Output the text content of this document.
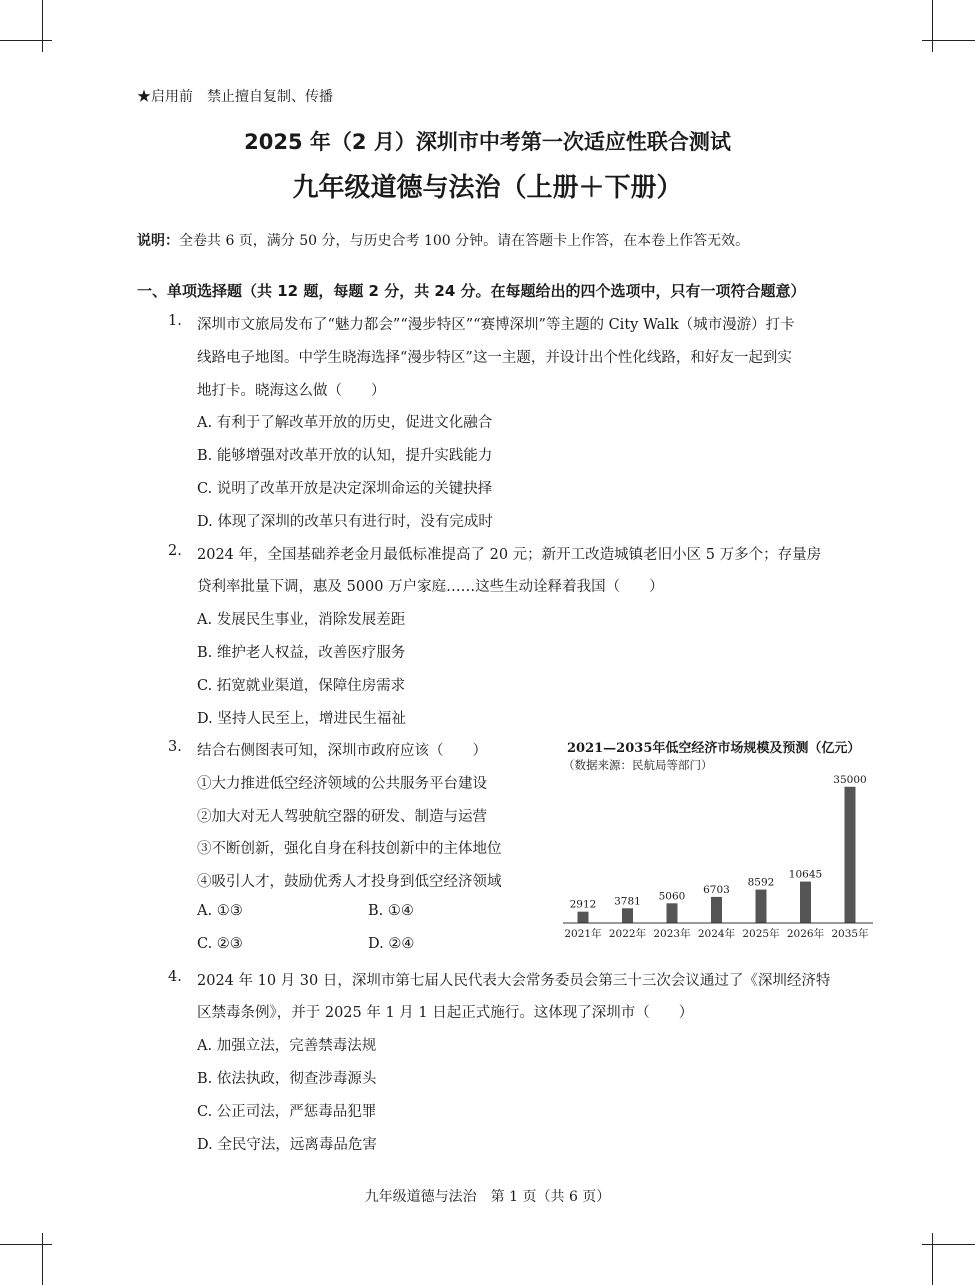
★启用前　禁止擅自复制、传播
2025 年（2 月）深圳市中考第一次适应性联合测试
九年级道德与法治（上册＋下册）
说明：全卷共 6 页，满分 50 分，与历史合考 100 分钟。请在答题卡上作答，在本卷上作答无效。
一、单项选择题（共 12 题，每题 2 分，共 24 分。在每题给出的四个选项中，只有一项符合题意）
1. 深圳市文旅局发布了“魅力都会”“漫步特区”“赛博深圳”等主题的 City Walk（城市漫游）打卡
线路电子地图。中学生晓海选择“漫步特区”这一主题，并设计出个性化线路，和好友一起到实
地打卡。晓海这么做（　　）
A. 有利于了解改革开放的历史，促进文化融合
B. 能够增强对改革开放的认知，提升实践能力
C. 说明了改革开放是决定深圳命运的关键抉择
D. 体现了深圳的改革只有进行时，没有完成时
2. 2024 年，全国基础养老金月最低标准提高了 20 元；新开工改造城镇老旧小区 5 万多个；存量房
贷利率批量下调，惠及 5000 万户家庭……这些生动诠释着我国（　　）
A. 发展民生事业，消除发展差距
B. 维护老人权益，改善医疗服务
C. 拓宽就业渠道，保障住房需求
D. 坚持人民至上，增进民生福祉
3. 结合右侧图表可知，深圳市政府应该（　　）
①大力推进低空经济领域的公共服务平台建设
②加大对无人驾驶航空器的研发、制造与运营
③不断创新，强化自身在科技创新中的主体地位
④吸引人才，鼓励优秀人才投身到低空经济领域
A. ①③	B. ①④
C. ②③	D. ②④
2021—2035年低空经济市场规模及预测（亿元）
（数据来源：民航局等部门）
2912
2021年
3781
2022年
5060
2023年
6703
2024年
8592
2025年
10645
2026年
35000
2035年
4. 2024 年 10 月 30 日，深圳市第七届人民代表大会常务委员会第三十三次会议通过了《深圳经济特
区禁毒条例》，并于 2025 年 1 月 1 日起正式施行。这体现了深圳市（　　）
A. 加强立法，完善禁毒法规
B. 依法执政，彻查涉毒源头
C. 公正司法，严惩毒品犯罪
D. 全民守法，远离毒品危害
九年级道德与法治　第 1 页（共 6 页）
